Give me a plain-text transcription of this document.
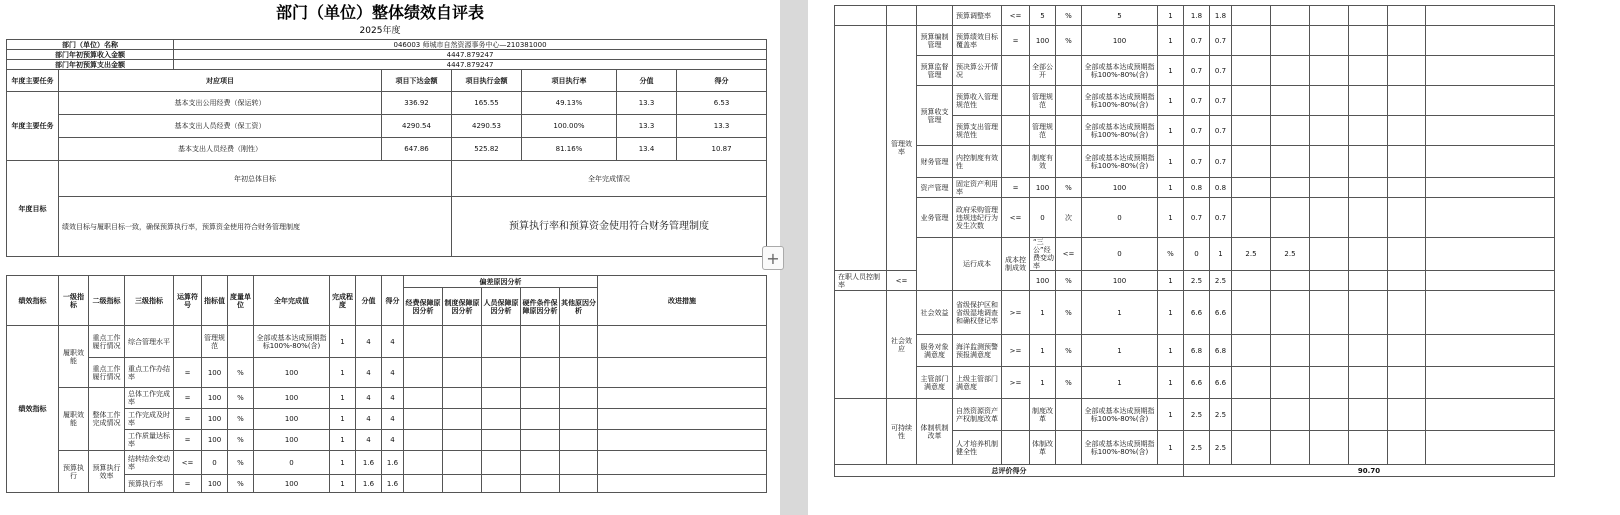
部门（单位）整体绩效自评表
2025年度
部门（单位）名称		046003 师城市自然资源事务中心—210381000					
部门年初预算收入金额		4447.879247					
部门年初预算支出金额		4447.879247					
年度主要任务	对应项目		项目下达金额	项目执行金额	项目执行率	分值	得分
年度主要任务	基本支出公用经费（保运转）		336.92	165.55	49.13%	13.3	6.53
	基本支出人员经费（保工资）		4290.54	4290.53	100.00%	13.3	13.3
	基本支出人员经费（刚性）		647.86	525.82	81.16%	13.4	10.87
年度目标	年初总体目标			全年完成情况			
	绩效目标与履职目标一致，确保预算执行率，预算资金使用符合财务管理制度			预算执行率和预算资金使用符合财务管理制度			
绩效指标	一级指标	二级指标	三级指标	运算符号	指标值	度量单位	全年完成值	完成程度	分值	得分	偏差原因分析					改进措施
											经费保障原因分析	制度保障原因分析	人员保障原因分析	硬件条件保障原因分析	其他原因分析	
绩效指标	履职效能	重点工作履行情况	综合管理水平		管理规范		全部或基本达成预期指标100%-80%(含)	1	4	4						
		重点工作履行情况	重点工作办结率	=	100	%	100	1	4	4						
	履职效能	整体工作完成情况	总体工作完成率	=	100	%	100	1	4	4						
			工作完成及时率	=	100	%	100	1	4	4						
			工作质量达标率	=	100	%	100	1	4	4						
	预算执行	预算执行效率	结转结余变动率	<=	0	%	0	1	1.6	1.6						
			预算执行率	=	100	%	100	1	1.6	1.6						
+
			预算调整率	<=	5	%	5	1	1.8	1.8							
	管理效率	预算编制管理	预算绩效目标覆盖率	=	100	%	100	1	0.7	0.7							
		预算监督管理	预决算公开情况		全部公开		全部或基本达成预期指标100%-80%(含)	1	0.7	0.7							
		预算收支管理	预算收入管理规范性		管理规范		全部或基本达成预期指标100%-80%(含)	1	0.7	0.7							
			预算支出管理规范性		管理规范		全部或基本达成预期指标100%-80%(含)	1	0.7	0.7							
		财务管理	内控制度有效性		制度有效		全部或基本达成预期指标100%-80%(含)	1	0.7	0.7							
		资产管理	固定资产利用率	=	100	%	100	1	0.8	0.8							
		业务管理	政府采购管理违规违纪行为发生次数	<=	0	次	0	1	0.7	0.7							
			运行成本	成本控制成效	“三公”经费变动率	<=	0	%	0	1	2.5	2.5						
在职人员控制率	<=				100	%	100	1	2.5	2.5							
	社会效应	社会效益	省级保护区和省级湿地调查和确权登记率	>=	1	%	1	1	6.6	6.6							
		服务对象满意度	海洋监测预警预报满意度	>=	1	%	1	1	6.8	6.8							
		主管部门满意度	上级主管部门满意度	>=	1	%	1	1	6.6	6.6							
	可持续性	体制机制改革	自然资源资产产权制度改革		制度改革		全部或基本达成预期指标100%-80%(含)	1	2.5	2.5							
			人才培养机制健全性		体制改革		全部或基本达成预期指标100%-80%(含)	1	2.5	2.5							
总评价得分									90.70								
